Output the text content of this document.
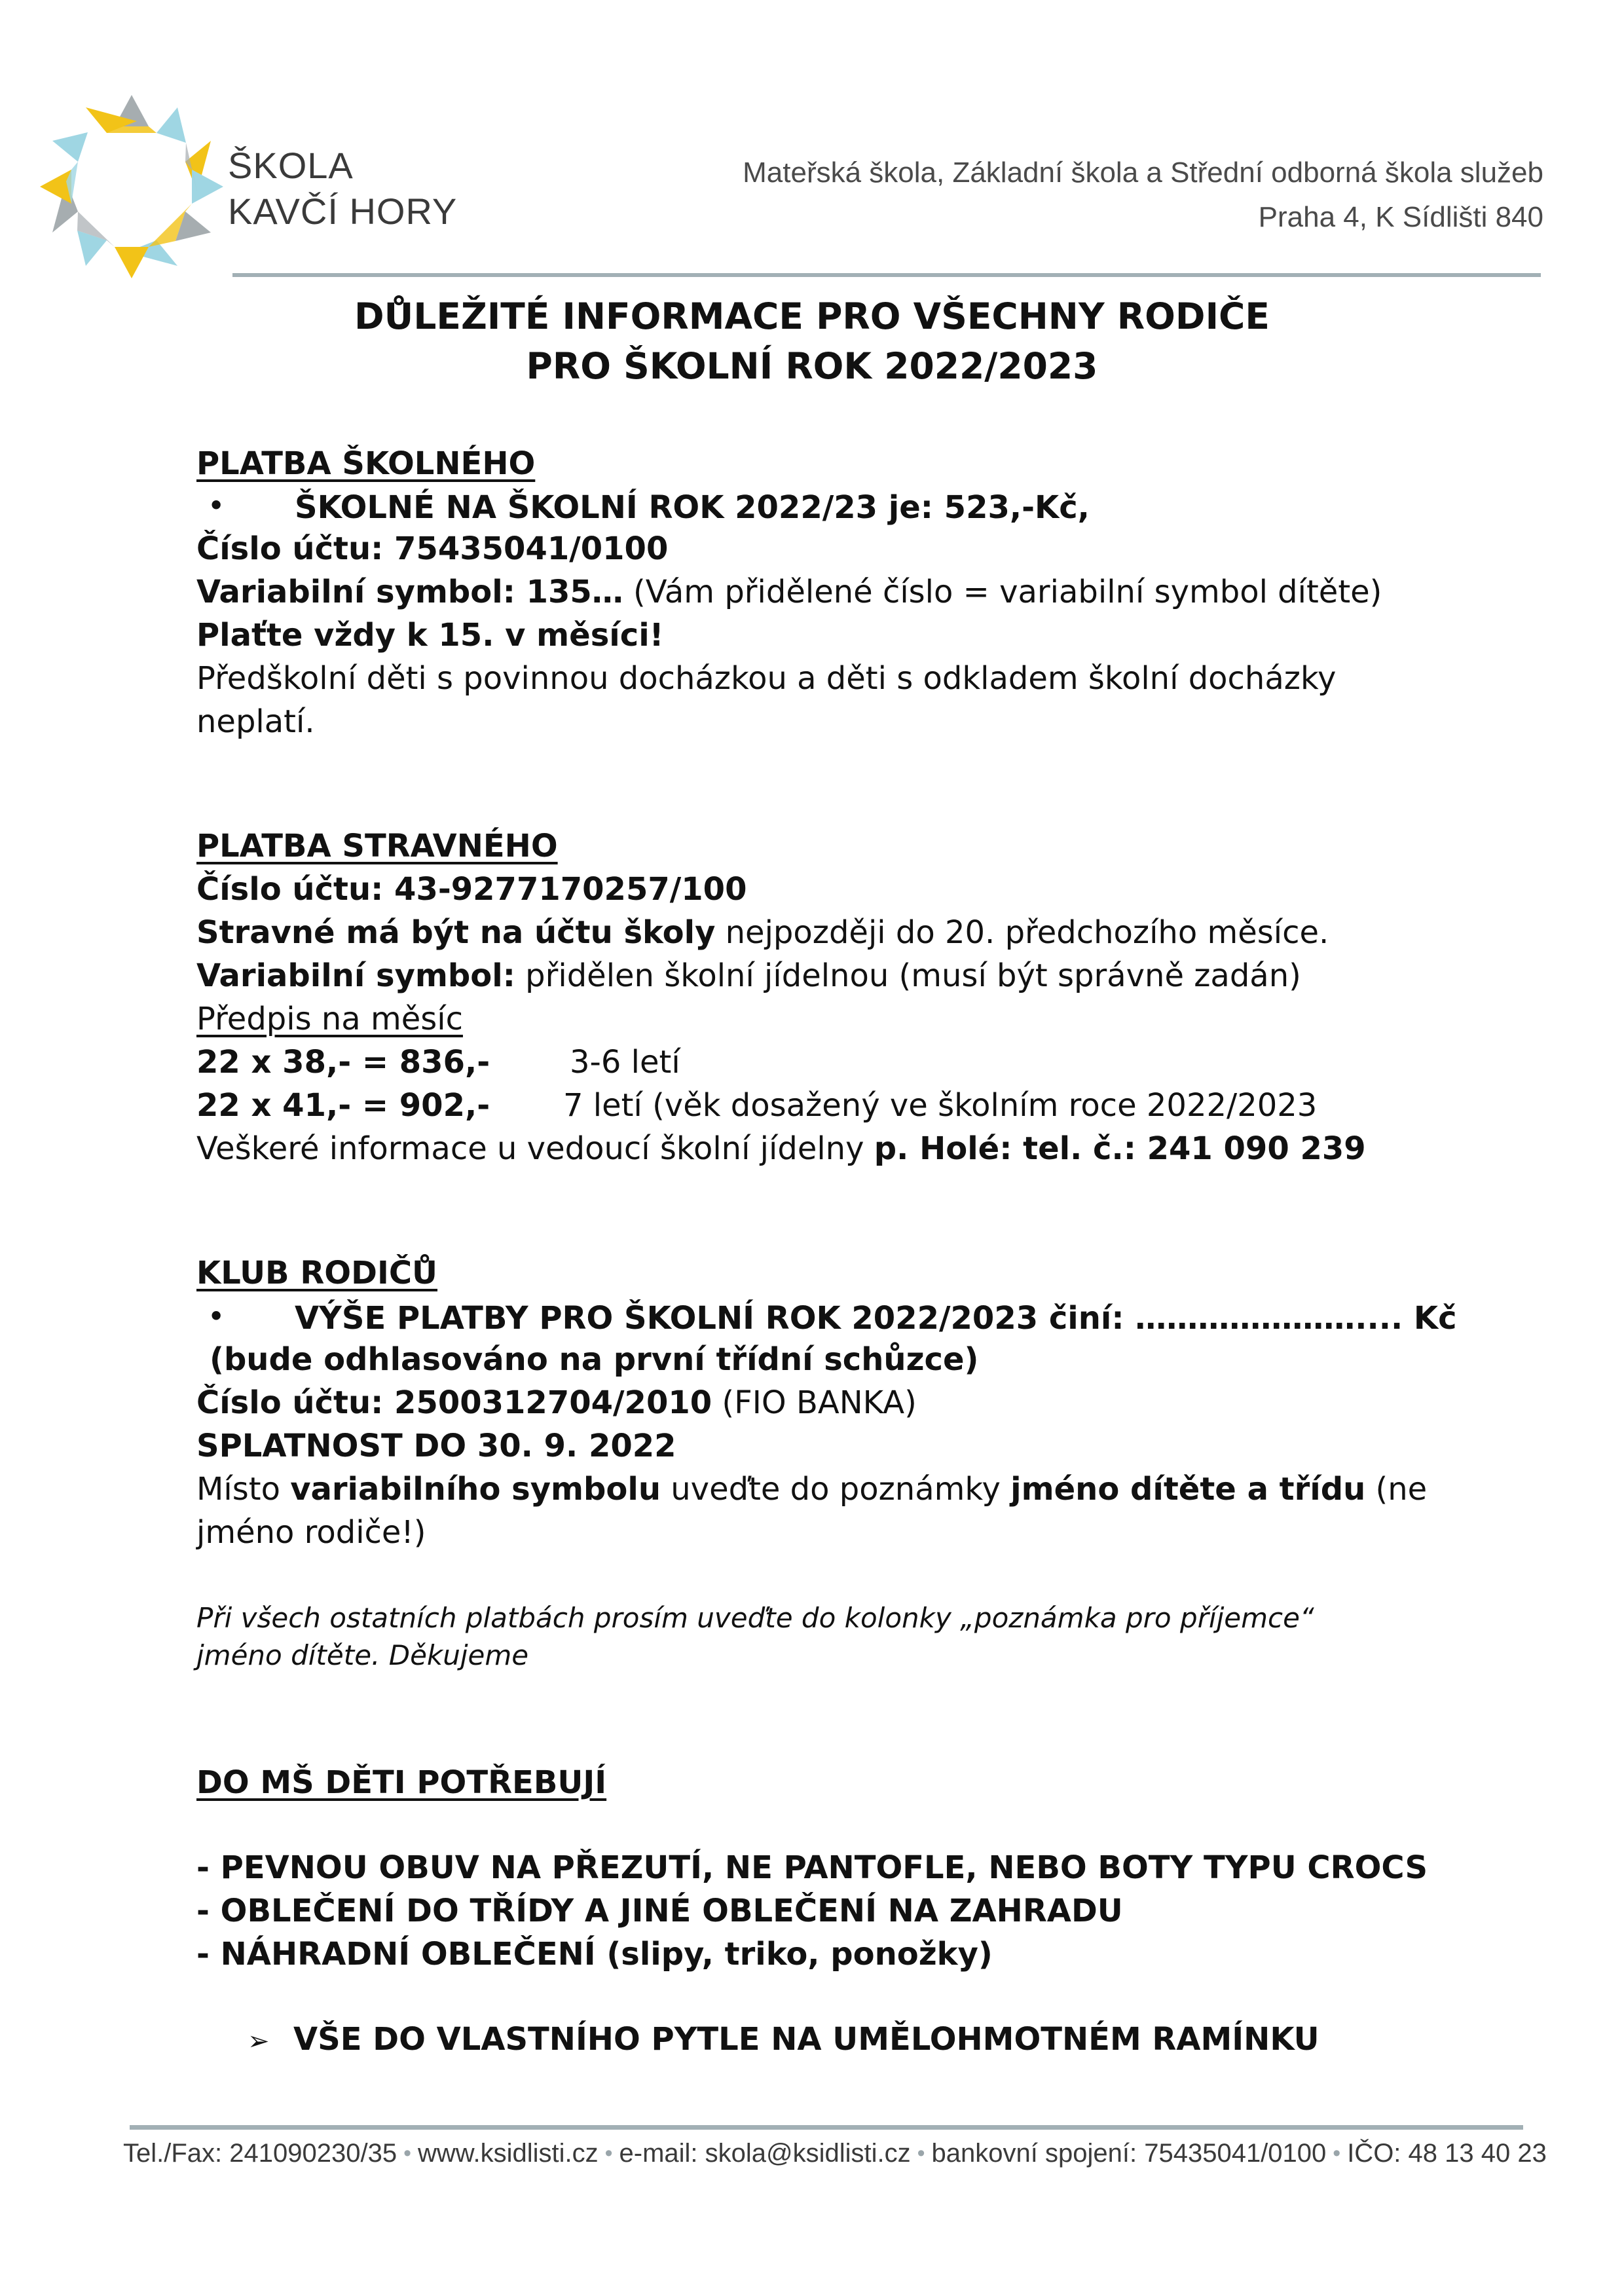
ŠKOLA
KAVČÍ HORY
Mateřská škola, Základní škola a Střední odborná škola služeb
Praha 4, K Sídlišti 840
DŮLEŽITÉ INFORMACE PRO VŠECHNY RODIČE
PRO ŠKOLNÍ ROK 2022/2023
PLATBA ŠKOLNÉHO
• ŠKOLNÉ NA ŠKOLNÍ ROK 2022/23 je: 523,-Kč,
Číslo účtu: 75435041/0100
Variabilní symbol: 135… (Vám přidělené číslo = variabilní symbol dítěte)
Plaťte vždy k 15. v měsíci!
Předškolní děti s povinnou docházkou a děti s odkladem školní docházky
neplatí.
PLATBA STRAVNÉHO
Číslo účtu: 43-9277170257/100
Stravné má být na účtu školy nejpozději do 20. předchozího měsíce.
Variabilní symbol: přidělen školní jídelnou (musí být správně zadán)
Předpis na měsíc
22 x 38,- = 836,-	3-6 letí
22 x 41,- = 902,- 7 letí (věk dosažený ve školním roce 2022/2023
Veškeré informace u vedoucí školní jídelny p. Holé: tel. č.: 241 090 239
KLUB RODIČŮ
• VÝŠE PLATBY PRO ŠKOLNÍ ROK 2022/2023 činí: ………………….... Kč
(bude odhlasováno na první třídní schůzce)
Číslo účtu: 2500312704/2010 (FIO BANKA)
SPLATNOST DO 30. 9. 2022
Místo variabilního symbolu uveďte do poznámky jméno dítěte a třídu (ne
jméno rodiče!)
Při všech ostatních platbách prosím uveďte do kolonky „poznámka pro příjemce“
jméno dítěte. Děkujeme
DO MŠ DĚTI POTŘEBUJÍ
- PEVNOU OBUV NA PŘEZUTÍ, NE PANTOFLE, NEBO BOTY TYPU CROCS
- OBLEČENÍ DO TŘÍDY A JINÉ OBLEČENÍ NA ZAHRADU
- NÁHRADNÍ OBLEČENÍ (slipy, triko, ponožky)
➢ VŠE DO VLASTNÍHO PYTLE NA UMĚLOHMOTNÉM RAMÍNKU
Tel./Fax: 241090230/35 • www.ksidlisti.cz • e-mail: skola@ksidlisti.cz • bankovní spojení: 75435041/0100 • IČO: 48 13 40 23
